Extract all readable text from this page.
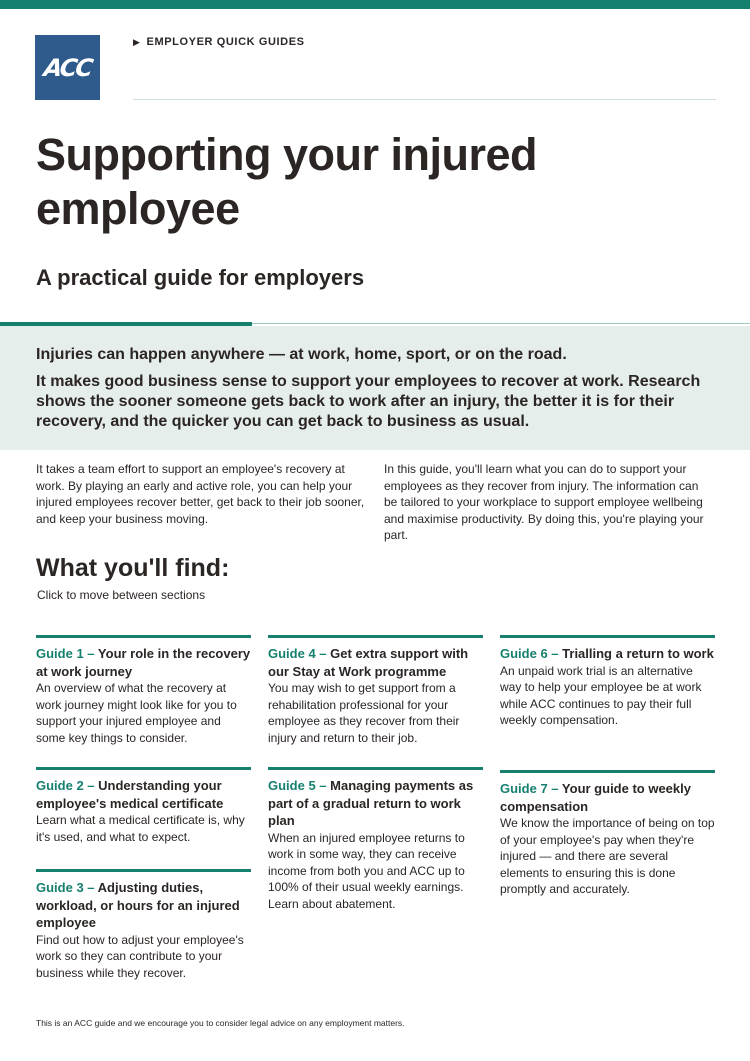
ACC
▶ EMPLOYER QUICK GUIDES
Supporting your injured employee
A practical guide for employers

Injuries can happen anywhere — at work, home, sport, or on the road.

It makes good business sense to support your employees to recover at work. Research shows the sooner someone gets back to work after an injury, the better it is for their recovery, and the quicker you can get back to business as usual.

It takes a team effort to support an employee's recovery at work. By playing an early and active role, you can help your injured employees recover better, get back to their job sooner, and keep your business moving.

In this guide, you'll learn what you can do to support your employees as they recover from injury. The information can be tailored to your workplace to support employee wellbeing and maximise productivity. By doing this, you're playing your part.

What you'll find:

Click to move between sections

Guide 1 – Your role in the recovery at work journey

An overview of what the recovery at work journey might look like for you to support your injured employee and some key things to consider.

Guide 2 – Understanding your employee's medical certificate

Learn what a medical certificate is, why it's used, and what to expect.

Guide 3 – Adjusting duties, workload, or hours for an injured employee

Find out how to adjust your employee's work so they can contribute to your business while they recover.

Guide 4 – Get extra support with our Stay at Work programme

You may wish to get support from a rehabilitation professional for your employee as they recover from their injury and return to their job.

Guide 5 – Managing payments as part of a gradual return to work plan

When an injured employee returns to work in some way, they can receive income from both you and ACC up to 100% of their usual weekly earnings. Learn about abatement.

Guide 6 – Trialling a return to work

An unpaid work trial is an alternative way to help your employee be at work while ACC continues to pay their full weekly compensation.

Guide 7 – Your guide to weekly compensation

We know the importance of being on top of your employee's pay when they're injured — and there are several elements to ensuring this is done promptly and accurately.

This is an ACC guide and we encourage you to consider legal advice on any employment matters.
